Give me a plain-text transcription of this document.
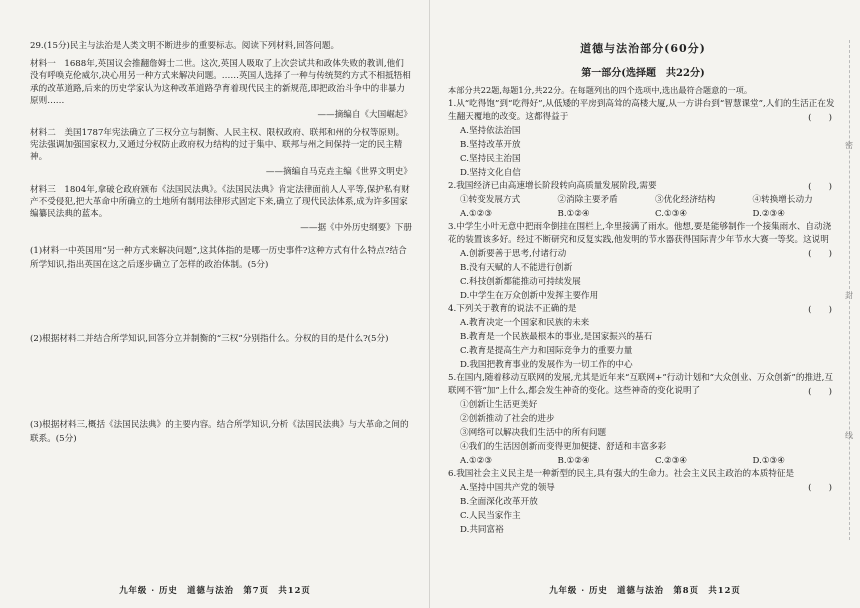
29.(15分)民主与法治是人类文明不断进步的重要标志。阅读下列材料,回答问题。

材料一　1688年,英国议会推翻詹姆士二世。这次,英国人吸取了上次尝试共和政体失败的教训,他们没有呼唤克伦威尔,决心用另一种方式来解决问题。……英国人选择了一种与传统契约方式不相抵牾相承的改革道路,后来的历史学家认为这种改革道路孕育着现代民主的新规范,即把政治斗争中的非暴力原则……

——摘编自《大国崛起》

材料二　美国1787年宪法确立了三权分立与制衡、人民主权、限权政府、联邦和州的分权等原则。宪法强调加强国家权力,又通过分权防止政府权力结构的过于集中、联邦与州之间保持一定的民主精神。

——摘编自马克垚主编《世界文明史》

材料三　1804年,拿破仑政府颁布《法国民法典》。《法国民法典》肯定法律面前人人平等,保护私有财产不受侵犯,把大革命中所确立的土地所有制用法律形式固定下来,确立了现代民法体系,成为许多国家编纂民法典的蓝本。

——据《中外历史纲要》下册

(1)材料一中英国用“另一种方式来解决问题”,这其体指的是哪一历史事件?这种方式有什么特点?结合所学知识,指出英国在这之后逐步确立了怎样的政治体制。(5分)

(2)根据材料二并结合所学知识,回答分立并制衡的“三权”分别指什么。分权的目的是什么?(5分)

(3)根据材料三,概括《法国民法典》的主要内容。结合所学知识,分析《法国民法典》与大革命之间的联系。(5分)

九年级 · 历史　道德与法治　第7页　共12页

道德与法治部分(60分)

第一部分(选择题　共22分)

本部分共22题,每题1分,共22分。在每题列出的四个选项中,选出最符合题意的一项。

1.从“吃得饱”到“吃得好”,从低矮的平房到高耸的高楼大厦,从一方讲台到“智慧课堂”,人们的生活正在发生翻天覆地的改变。这都得益于	(　　)
A.坚持依法治国
B.坚持改革开放
C.坚持民主治国
D.坚持文化自信

2.我国经济已由高速增长阶段转向高质量发展阶段,需要	(　　)
①转变发展方式	②消除主要矛盾	③优化经济结构	④转换增长动力
A.①②③	B.①②④	C.①③④	D.②③④

3.中学生小叶无意中把雨伞倒挂在围栏上,伞里接满了雨水。他想,要是能够制作一个接集雨水、自动浇花的装置该多好。经过不断研究和反复实践,他发明的节水器获得国际青少年节水大赛一等奖。这说明

(　　)
A.创新要善于思考,付诸行动
B.没有天赋的人不能进行创新
C.科技创新都能推动可持续发展
D.中学生在万众创新中发挥主要作用

4.下列关于教育的说法不正确的是	(　　)
A.教育决定一个国家和民族的未来
B.教育是一个民族最根本的事业,是国家振兴的基石
C.教育是提高生产力和国际竞争力的重要力量
D.我国把教育事业的发展作为一切工作的中心

5.在国内,随着移动互联网的发展,尤其是近年来“互联网+”行动计划和“大众创业、万众创新”的推进,互联网不管“加”上什么,都会发生神奇的变化。这些神奇的变化说明了	(　　)
①创新让生活更美好
②创新推动了社会的进步
③网络可以解决我们生活中的所有问题
④我们的生活因创新而变得更加便捷、舒适和丰富多彩
A.①②③	B.①②④	C.②③④	D.①③④

6.我国社会主义民主是一种新型的民主,具有强大的生命力。社会主义民主政治的本质特征是

(　　)
A.坚持中国共产党的领导
B.全面深化改革开放
C.人民当家作主
D.共同富裕
密
封
线
九年级 · 历史　道德与法治　第8页　共12页
